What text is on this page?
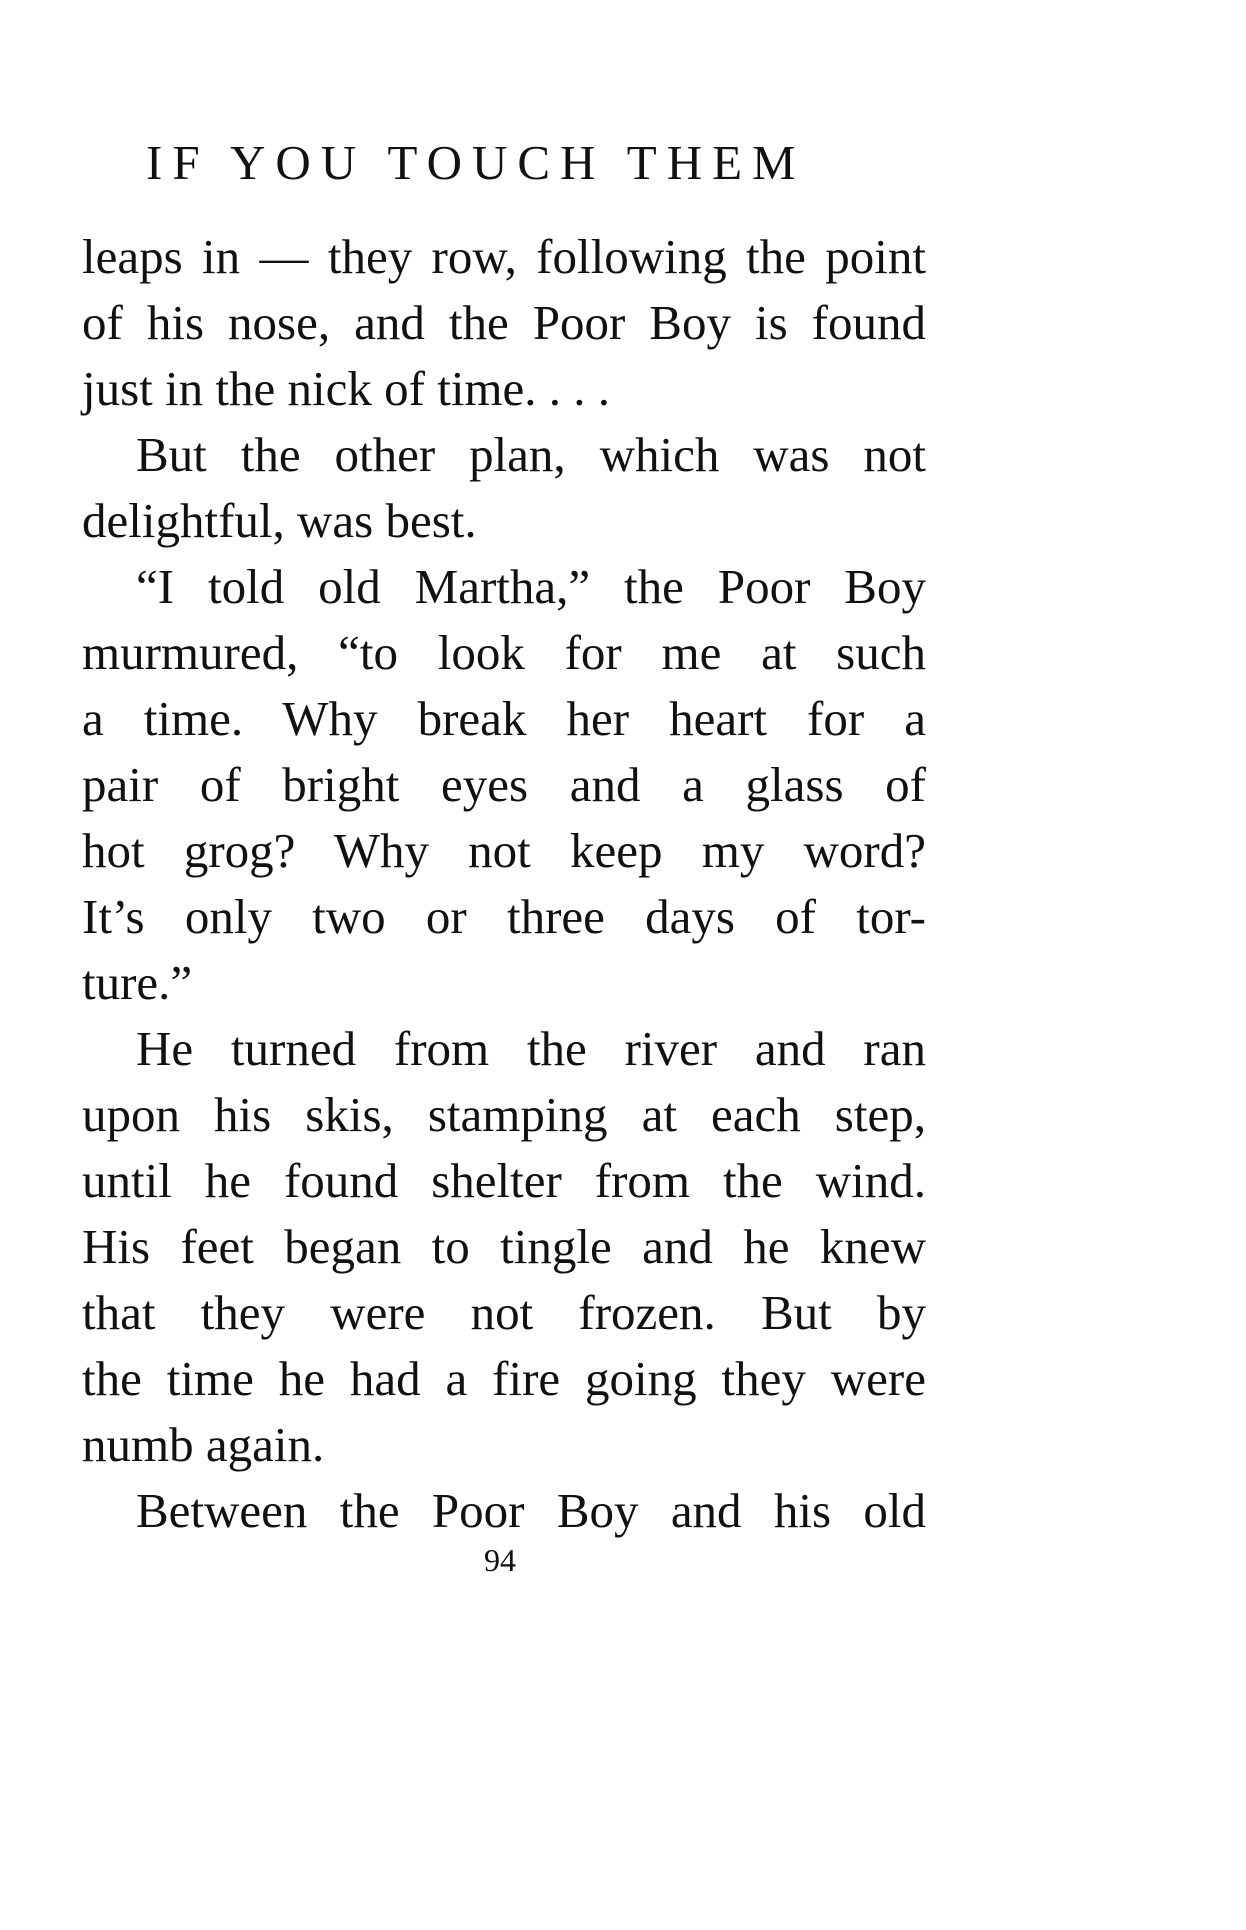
IF YOU TOUCH THEM
leaps in — they row, following the point
of his nose, and the Poor Boy is found
just in the nick of time. . . .
But the other plan, which was not
delightful, was best.
“I told old Martha,” the Poor Boy
murmured, “to look for me at such
a time. Why break her heart for a
pair of bright eyes and a glass of
hot grog? Why not keep my word?
It’s only two or three days of tor-
ture.”
He turned from the river and ran
upon his skis, stamping at each step,
until he found shelter from the wind.
His feet began to tingle and he knew
that they were not frozen. But by
the time he had a fire going they were
numb again.
Between the Poor Boy and his old
94
